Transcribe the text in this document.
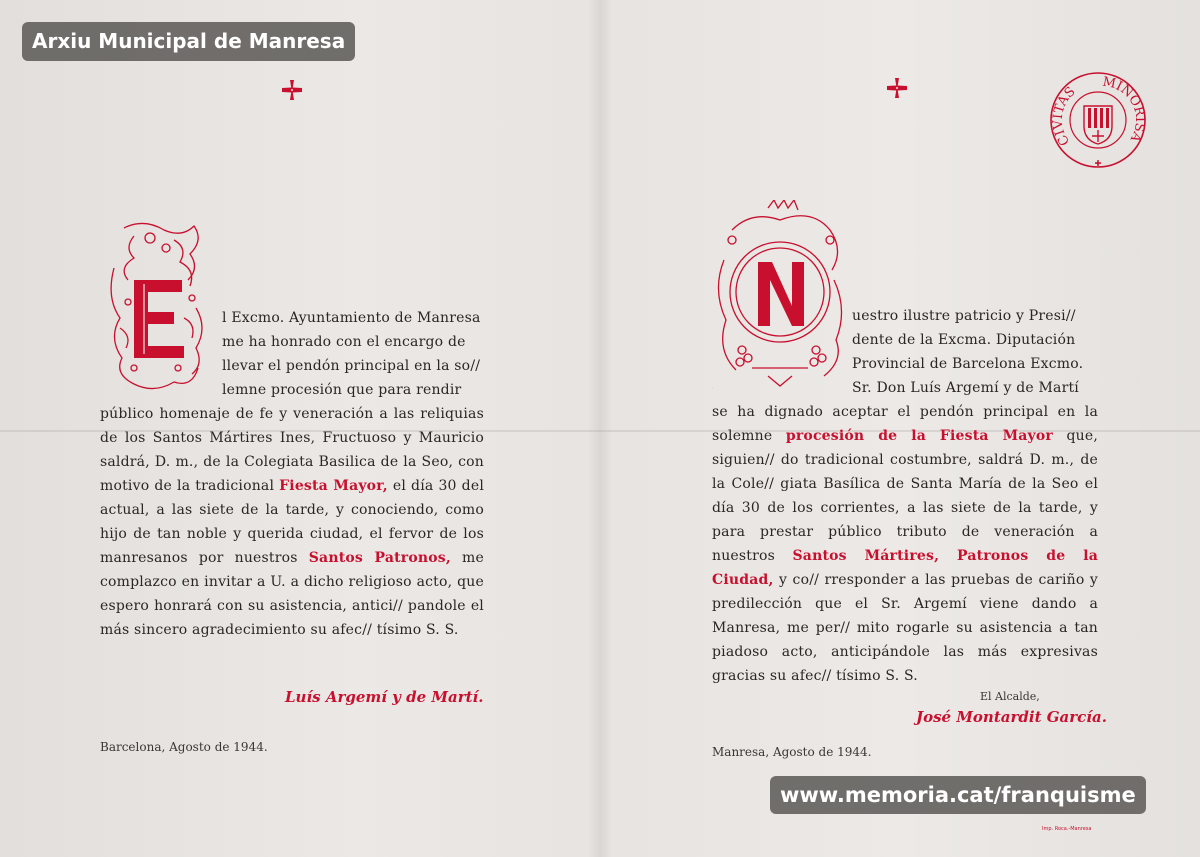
Arxiu Municipal de Manresa
www.memoria.cat/franquisme
CIVITAS
MINORISA
✚
E
N

l Excmo. Ayuntamiento de Manresa

me ha honrado con el encargo de

llevar el pendón principal en la so//

lemne procesión que para rendir

público homenaje de fe y veneración a las reliquias de los Santos Mártires Ines, Fructuoso y Mauricio saldrá, D. m., de la Colegiata Basilica de la Seo, con motivo de la tradicional Fiesta Mayor, el día 30 del actual, a las siete de la tarde, y conociendo, como hijo de tan noble y querida ciudad, el fervor de los manresanos por nuestros Santos Patronos, me complazco en invitar a U. a dicho religioso acto, que espero honrará con su asistencia, antici// pandole el más sincero agradecimiento su afec// tísimo S. S.
Luís Argemí y de Martí.
Barcelona, Agosto de 1944.

uestro ilustre patricio y Presi//

dente de la Excma. Diputación

Provincial de Barcelona Excmo.

Sr. Don Luís Argemí y de Martí

se ha dignado aceptar el pendón principal en la solemne procesión de la Fiesta Mayor que, siguien// do tradicional costumbre, saldrá D. m., de la Cole// giata Basílica de Santa María de la Seo el día 30 de los corrientes, a las siete de la tarde, y para prestar público tributo de veneración a nuestros Santos Mártires, Patronos de la Ciudad, y co// rresponder a las pruebas de cariño y predilección que el Sr. Argemí viene dando a Manresa, me per// mito rogarle su asistencia a tan piadoso acto, anticipándole las más expresivas gracias su afec// tísimo S. S.
El Alcalde,
José Montardit García.
Manresa, Agosto de 1944.
Imp. Roca.-Manresa
